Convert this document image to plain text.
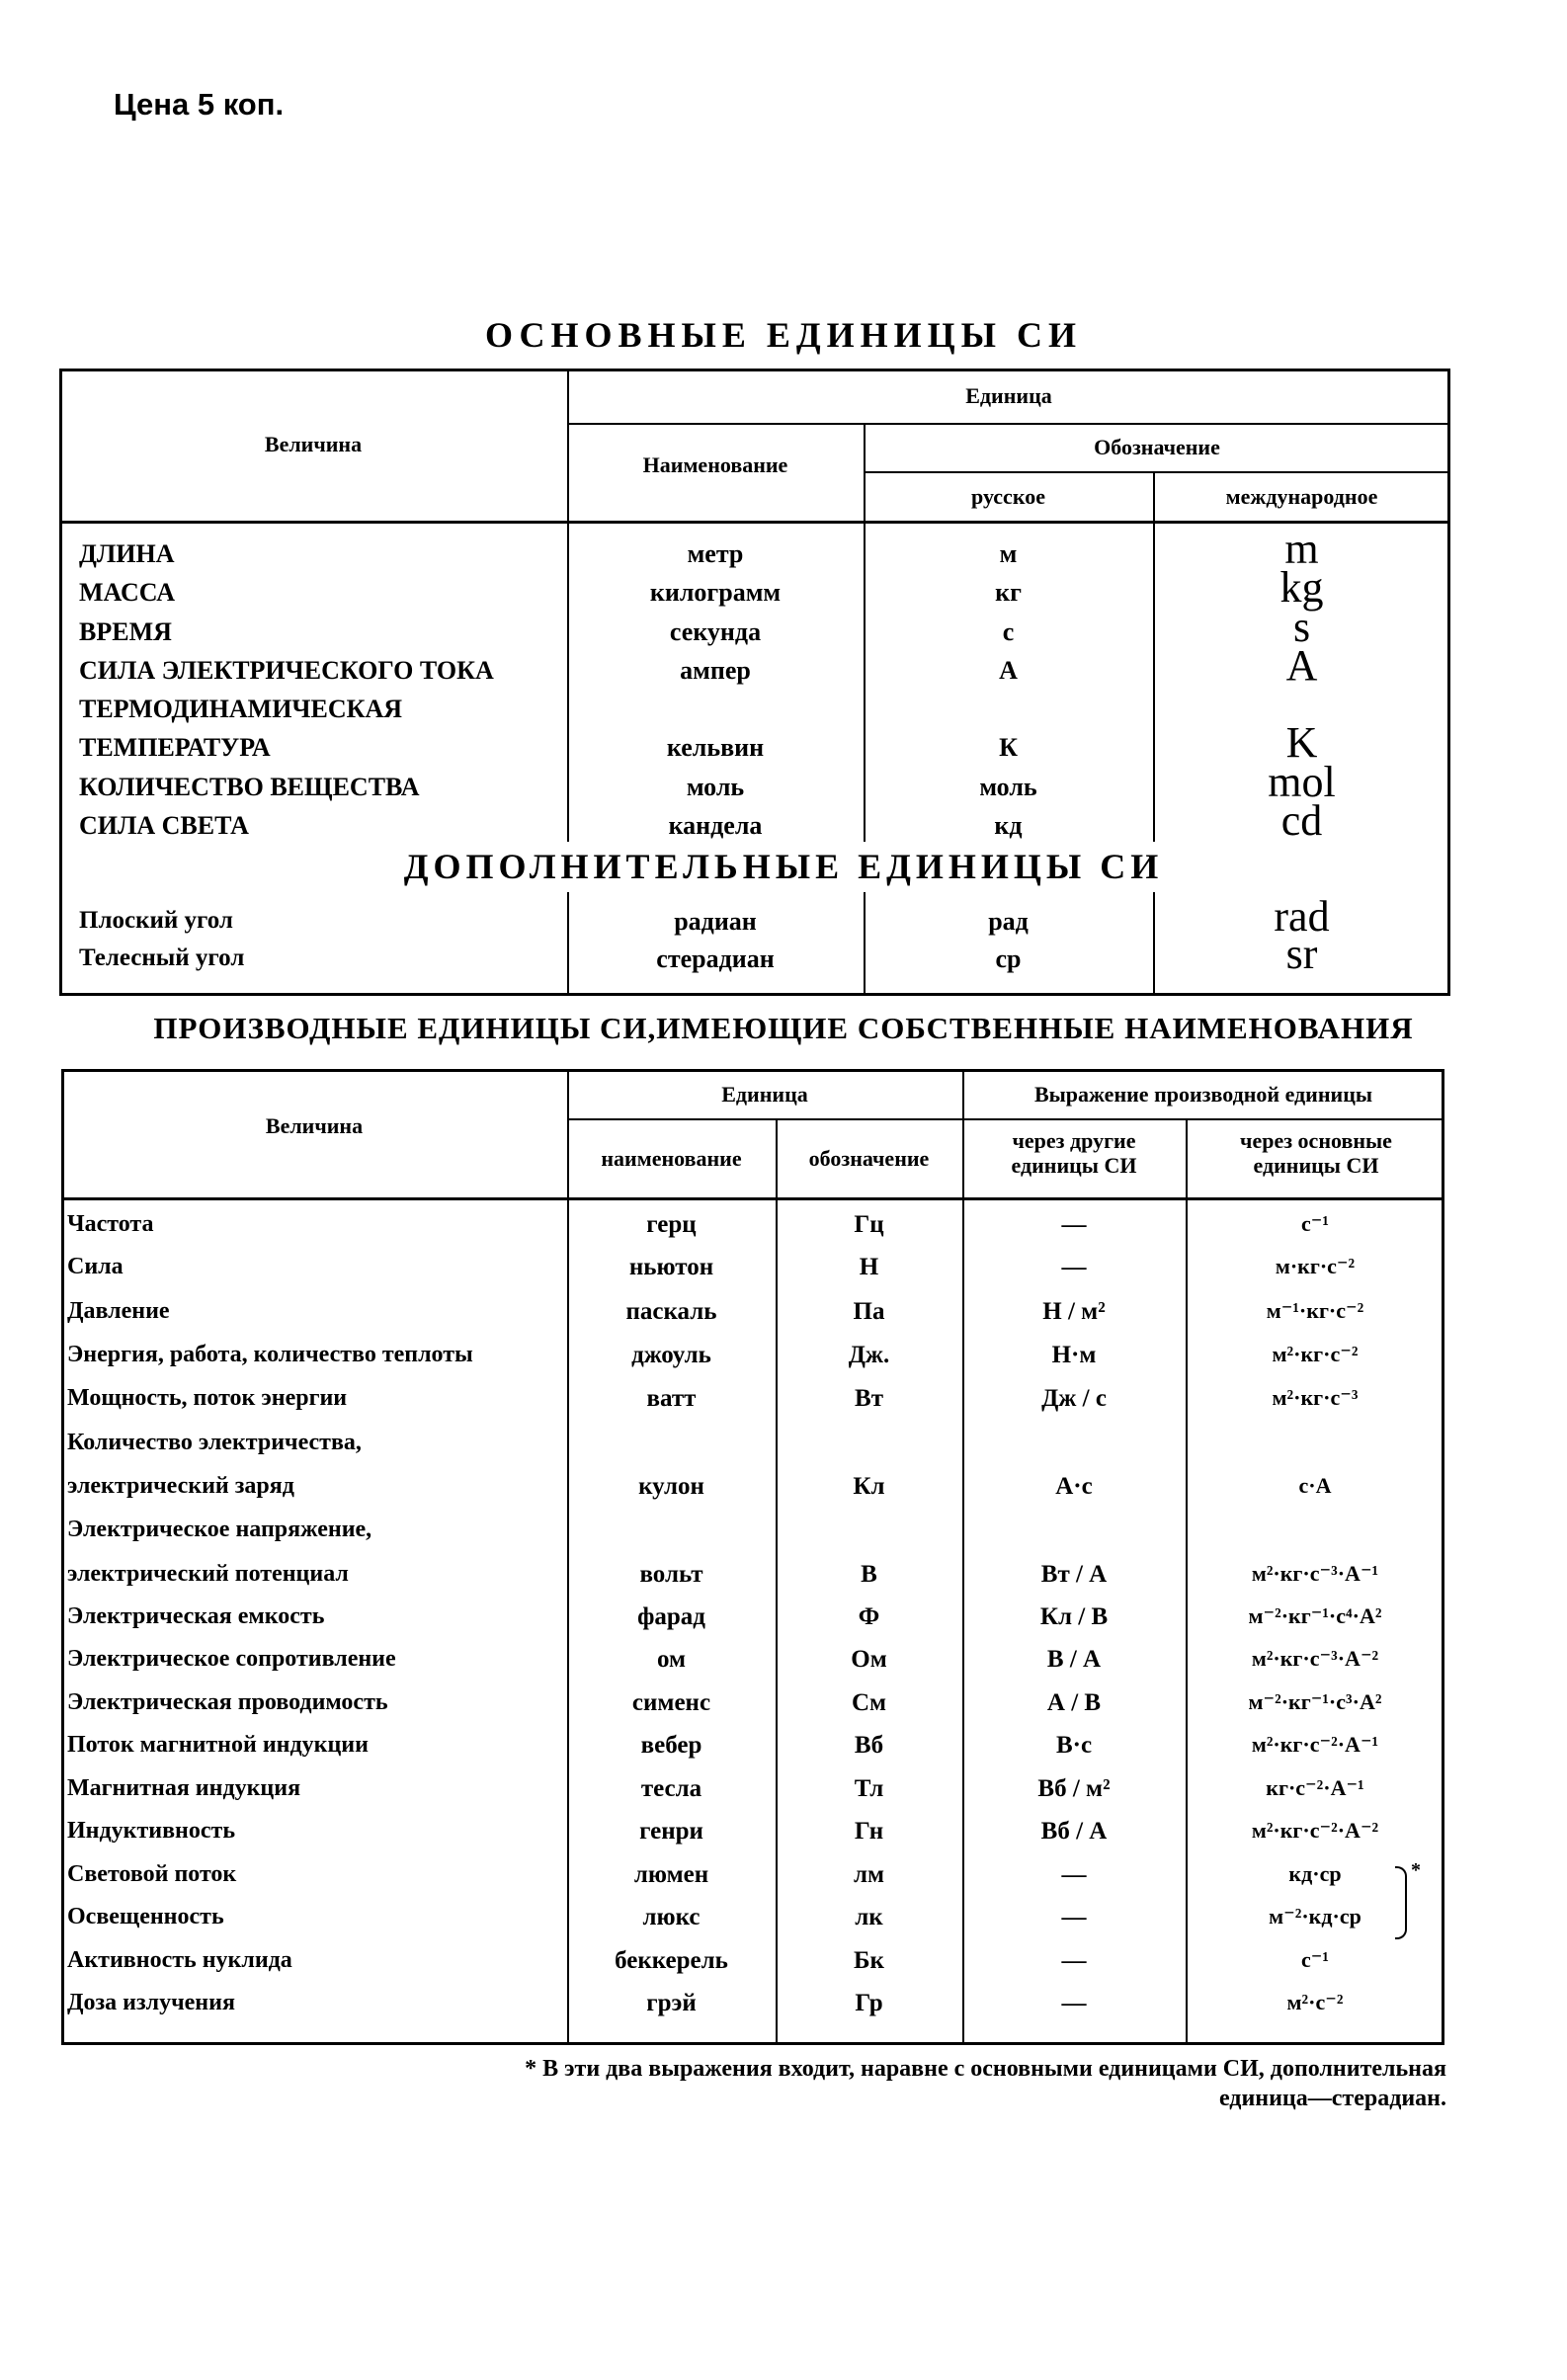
Цена 5 коп.
ОСНОВНЫЕ ЕДИНИЦЫ СИ
Величина
Единица
Наименование
Обозначение
русское	международное
ДЛИНА	метр	м	m
МАССА	килограмм	кг	kg
ВРЕМЯ	секунда	с	s
СИЛА ЭЛЕКТРИЧЕСКОГО ТОКА	ампер	А	A
ТЕРМОДИНАМИЧЕСКАЯ
ТЕМПЕРАТУРА	кельвин	К	K
КОЛИЧЕСТВО ВЕЩЕСТВА	моль	моль	mol
СИЛА СВЕТА	кандела	кд	cd
ДОПОЛНИТЕЛЬНЫЕ ЕДИНИЦЫ СИ
Плоский угол	радиан	рад	rad
Телесный угол	стерадиан	ср	sr
ПРОИЗВОДНЫЕ ЕДИНИЦЫ СИ,ИМЕЮЩИЕ СОБСТВЕННЫЕ НАИМЕНОВАНИЯ
Величина
Единица	Выражение производной единицы
наименование	обозначение
через другие единицы СИ
через основные единицы СИ
Частота	герц	Гц	—	с⁻¹
Сила	ньютон	Н	—	м·кг·с⁻²
Давление	паскаль	Па	Н / м²	м⁻¹·кг·с⁻²
Энергия, работа, количество теплоты	джоуль	Дж.	Н·м	м²·кг·с⁻²
Мощность, поток энергии	ватт	Вт	Дж / с	м²·кг·с⁻³
Количество электричества,
электрический заряд	кулон	Кл	А·с	с·А
Электрическое напряжение,
электрический потенциал	вольт	В	Вт / А	м²·кг·с⁻³·А⁻¹
Электрическая емкость	фарад	Ф	Кл / В	м⁻²·кг⁻¹·с⁴·А²
Электрическое сопротивление	ом	Ом	В / А	м²·кг·с⁻³·А⁻²
Электрическая проводимость	сименс	См	А / В	м⁻²·кг⁻¹·с³·А²
Поток магнитной индукции	вебер	Вб	В·с	м²·кг·с⁻²·А⁻¹
Магнитная индукция	тесла	Тл	Вб / м²	кг·с⁻²·А⁻¹
Индуктивность	генри	Гн	Вб / А	м²·кг·с⁻²·А⁻²
Световой поток	люмен	лм	—	кд·ср
Освещенность	люкс	лк	—	м⁻²·кд·ср
Активность нуклида	беккерель	Бк	—	с⁻¹
Доза излучения	грэй	Гр	—	м²·с⁻²
*
* В эти два выражения входит, наравне с основными единицами СИ, дополнительная
единица—стерадиан.
